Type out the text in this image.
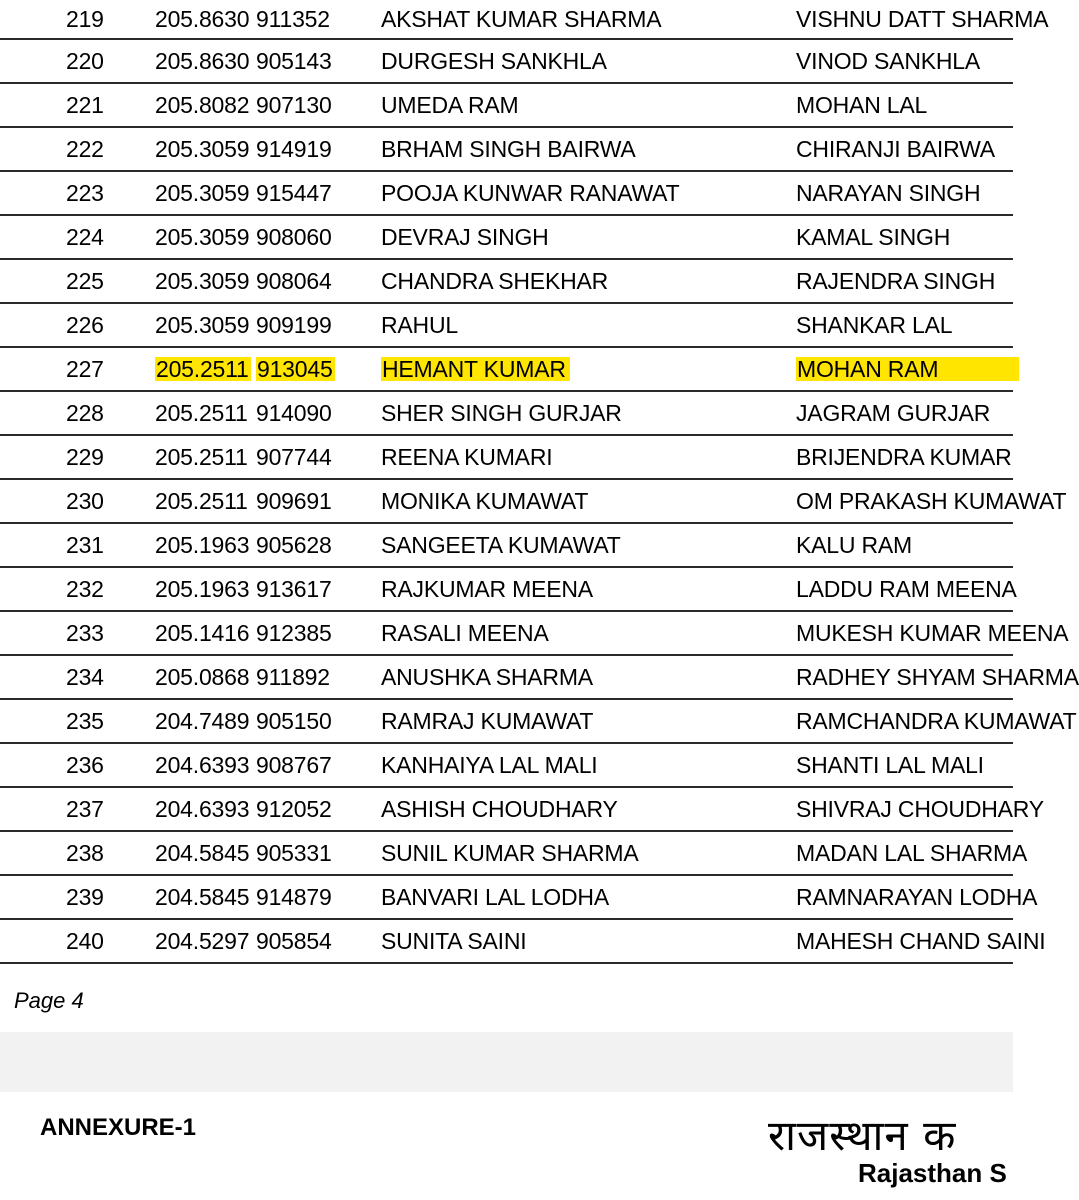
219 205.8630 911352 AKSHAT KUMAR SHARMA	VISHNU DATT SHARMA
220 205.8630 905143 DURGESH SANKHLA	VINOD SANKHLA
221 205.8082 907130 UMEDA RAM	MOHAN LAL
222 205.3059 914919 BRHAM SINGH BAIRWA	CHIRANJI BAIRWA
223 205.3059 915447 POOJA KUNWAR RANAWAT	NARAYAN SINGH
224 205.3059 908060 DEVRAJ SINGH	KAMAL SINGH
225 205.3059 908064 CHANDRA SHEKHAR	RAJENDRA SINGH
226 205.3059 909199 RAHUL	SHANKAR LAL
227 205.2511 913045 HEMANT KUMAR	MOHAN RAM
228 205.2511 914090 SHER SINGH GURJAR	JAGRAM GURJAR
229 205.2511 907744 REENA KUMARI	BRIJENDRA KUMAR
230 205.2511 909691 MONIKA KUMAWAT	OM PRAKASH KUMAWAT
231 205.1963 905628 SANGEETA KUMAWAT	KALU RAM
232 205.1963 913617 RAJKUMAR MEENA	LADDU RAM MEENA
233 205.1416 912385 RASALI MEENA	MUKESH KUMAR MEENA
234 205.0868 911892 ANUSHKA SHARMA	RADHEY SHYAM SHARMA
235 204.7489 905150 RAMRAJ KUMAWAT	RAMCHANDRA KUMAWAT
236 204.6393 908767 KANHAIYA LAL MALI	SHANTI LAL MALI
237 204.6393 912052 ASHISH CHOUDHARY	SHIVRAJ CHOUDHARY
238 204.5845 905331 SUNIL KUMAR SHARMA	MADAN LAL SHARMA
239 204.5845 914879 BANVARI LAL LODHA	RAMNARAYAN LODHA
240 204.5297 905854 SUNITA SAINI	MAHESH CHAND SAINI
Page 4
ANNEXURE-1	राजस्थान क
Rajasthan S
